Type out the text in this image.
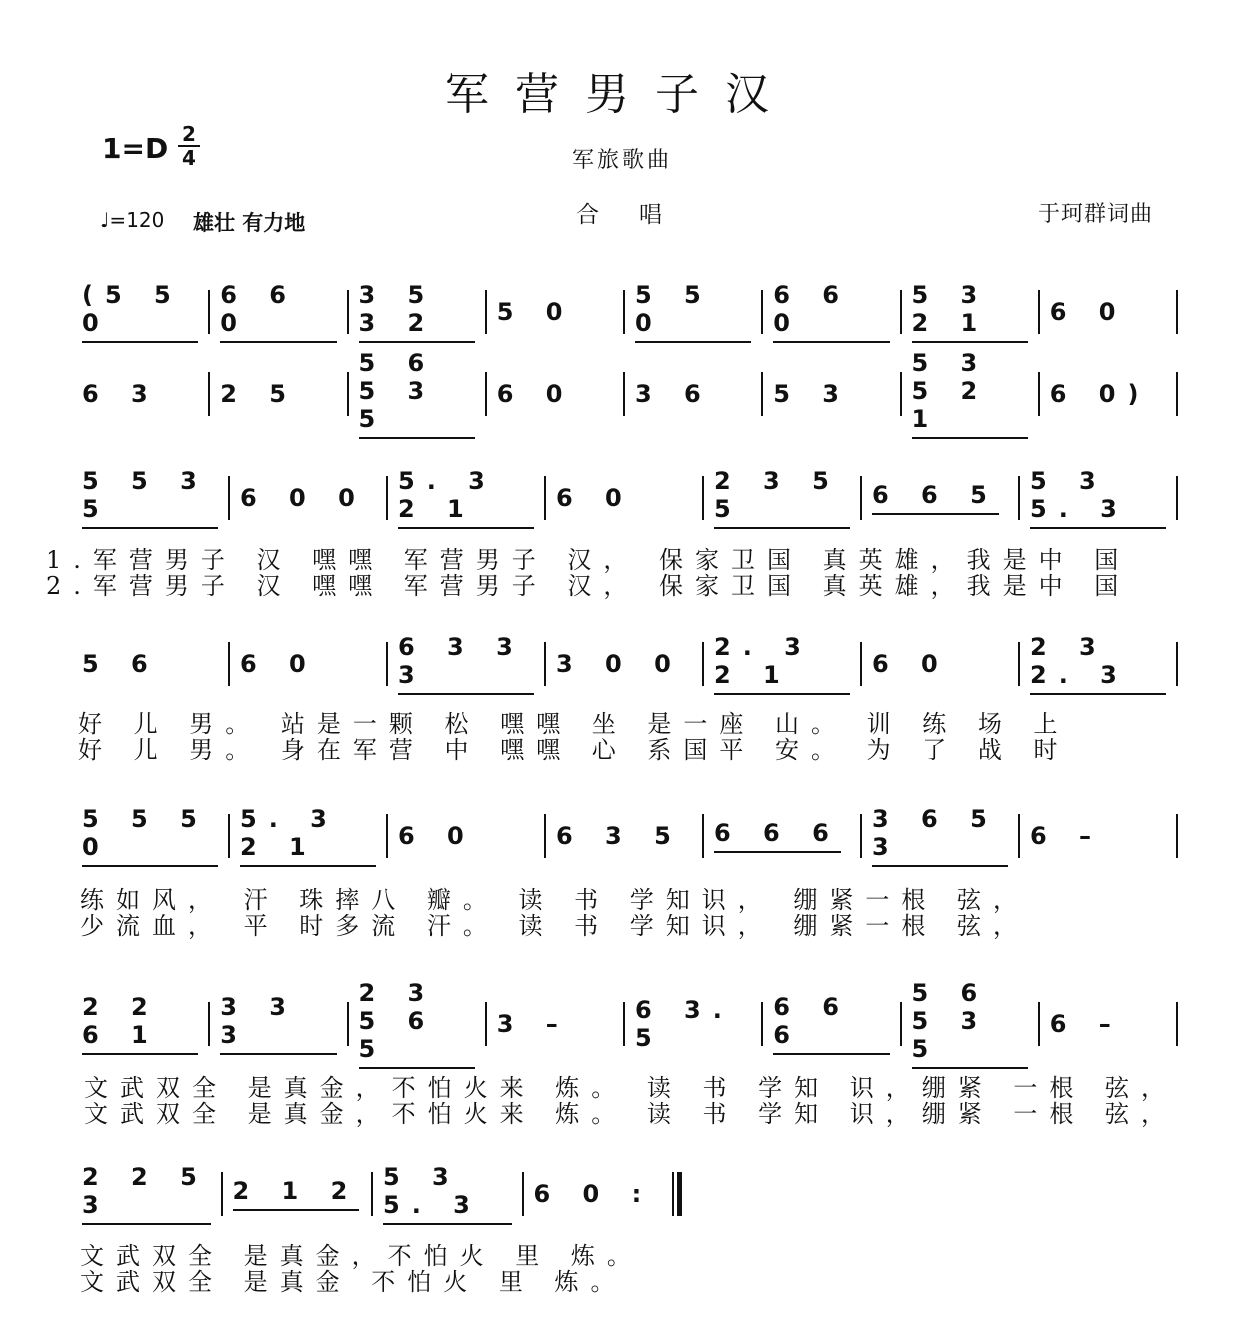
军营男子汉
1=D 2
4	军旅歌曲
♩=120 雄壮 有力地	合唱	于珂群词曲
(5 5 0
6 6 0
3 5 3 2	5 0
5 5 0
6 6 0
5 3 2 1	6 0
6 3	2 5
5 6 5 3 5
6 0	3 6	5 3
5 3 5 2 1
6 0)
5 5 3 5	6 0 0
5. 3 2 1	6 0
2 3 5 5	6 6 5 5 3 5. 3
1.军营男子 汉 嘿嘿 军营男子 汉， 保家卫国 真英雄，我是中 国
2.军营男子 汉 嘿嘿 军营男子 汉， 保家卫国 真英雄，我是中 国
5 6	6 0
6 3 3 3	3 0 0
2. 3 2 1	6 0
2 3 2. 3
好 儿 男。 站是一颗 松 嘿嘿 坐 是一座 山。 训 练 场 上
好 儿 男。 身在军营 中 嘿嘿 心 系国平 安。 为 了 战 时
5 5 5 0
5. 3 2 1	6 0	6 3 5 6 6 6 3 6 5 3	6 –
练如风， 汗 珠摔八 瓣。 读 书 学知识， 绷紧一根 弦，
少流血， 平 时多流 汗。 读 书 学知识， 绷紧一根 弦，
2 2 6 1
3 3 3
2 3 5 6 5
3 –	6 3. 5
6 6 6
5 6 5 3 5
6 –
文武双全 是真金，不怕火来 炼。 读 书 学知 识，绷紧 一根 弦，
文武双全 是真金，不怕火来 炼。 读 书 学知 识，绷紧 一根 弦，
2 2 5 3	2 1 2 5 3 5. 3	6 0 :
文武双全 是真金，不怕火 里 炼。
文武双全 是真金 不怕火 里 炼。
